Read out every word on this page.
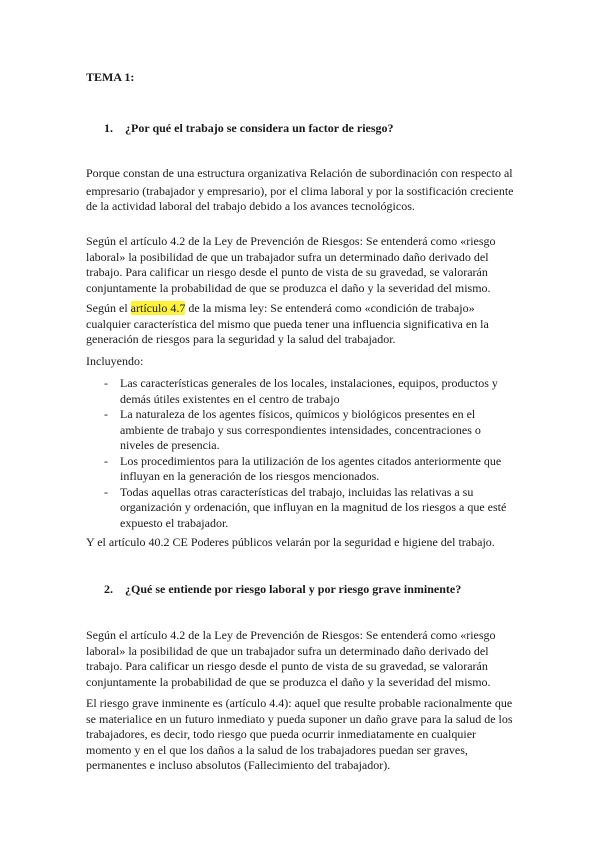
TEMA 1:

1. ¿Por qué el trabajo se considera un factor de riesgo?

Porque constan de una estructura organizativa Relación de subordinación con respecto al empresario (trabajador y empresario), por el clima laboral y por la sostificación creciente de la actividad laboral del trabajo debido a los avances tecnológicos.

Según el artículo 4.2 de la Ley de Prevención de Riesgos: Se entenderá como «riesgo laboral» la posibilidad de que un trabajador sufra un determinado daño derivado del trabajo. Para calificar un riesgo desde el punto de vista de su gravedad, se valorarán conjuntamente la probabilidad de que se produzca el daño y la severidad del mismo.

Según el artículo 4.7 de la misma ley: Se entenderá como «condición de trabajo» cualquier característica del mismo que pueda tener una influencia significativa en la generación de riesgos para la seguridad y la salud del trabajador.

Incluyendo:

- Las características generales de los locales, instalaciones, equipos, productos y demás útiles existentes en el centro de trabajo
- La naturaleza de los agentes físicos, químicos y biológicos presentes en el ambiente de trabajo y sus correspondientes intensidades, concentraciones o niveles de presencia.
- Los procedimientos para la utilización de los agentes citados anteriormente que influyan en la generación de los riesgos mencionados.
- Todas aquellas otras características del trabajo, incluidas las relativas a su organización y ordenación, que influyan en la magnitud de los riesgos a que esté expuesto el trabajador.

Y el artículo 40.2 CE Poderes públicos velarán por la seguridad e higiene del trabajo.

2. ¿Qué se entiende por riesgo laboral y por riesgo grave inminente?

Según el artículo 4.2 de la Ley de Prevención de Riesgos: Se entenderá como «riesgo laboral» la posibilidad de que un trabajador sufra un determinado daño derivado del trabajo. Para calificar un riesgo desde el punto de vista de su gravedad, se valorarán conjuntamente la probabilidad de que se produzca el daño y la severidad del mismo.

El riesgo grave inminente es (artículo 4.4): aquel que resulte probable racionalmente que se materialice en un futuro inmediato y pueda suponer un daño grave para la salud de los trabajadores, es decir, todo riesgo que pueda ocurrir inmediatamente en cualquier momento y en el que los daños a la salud de los trabajadores puedan ser graves, permanentes e incluso absolutos (Fallecimiento del trabajador).
